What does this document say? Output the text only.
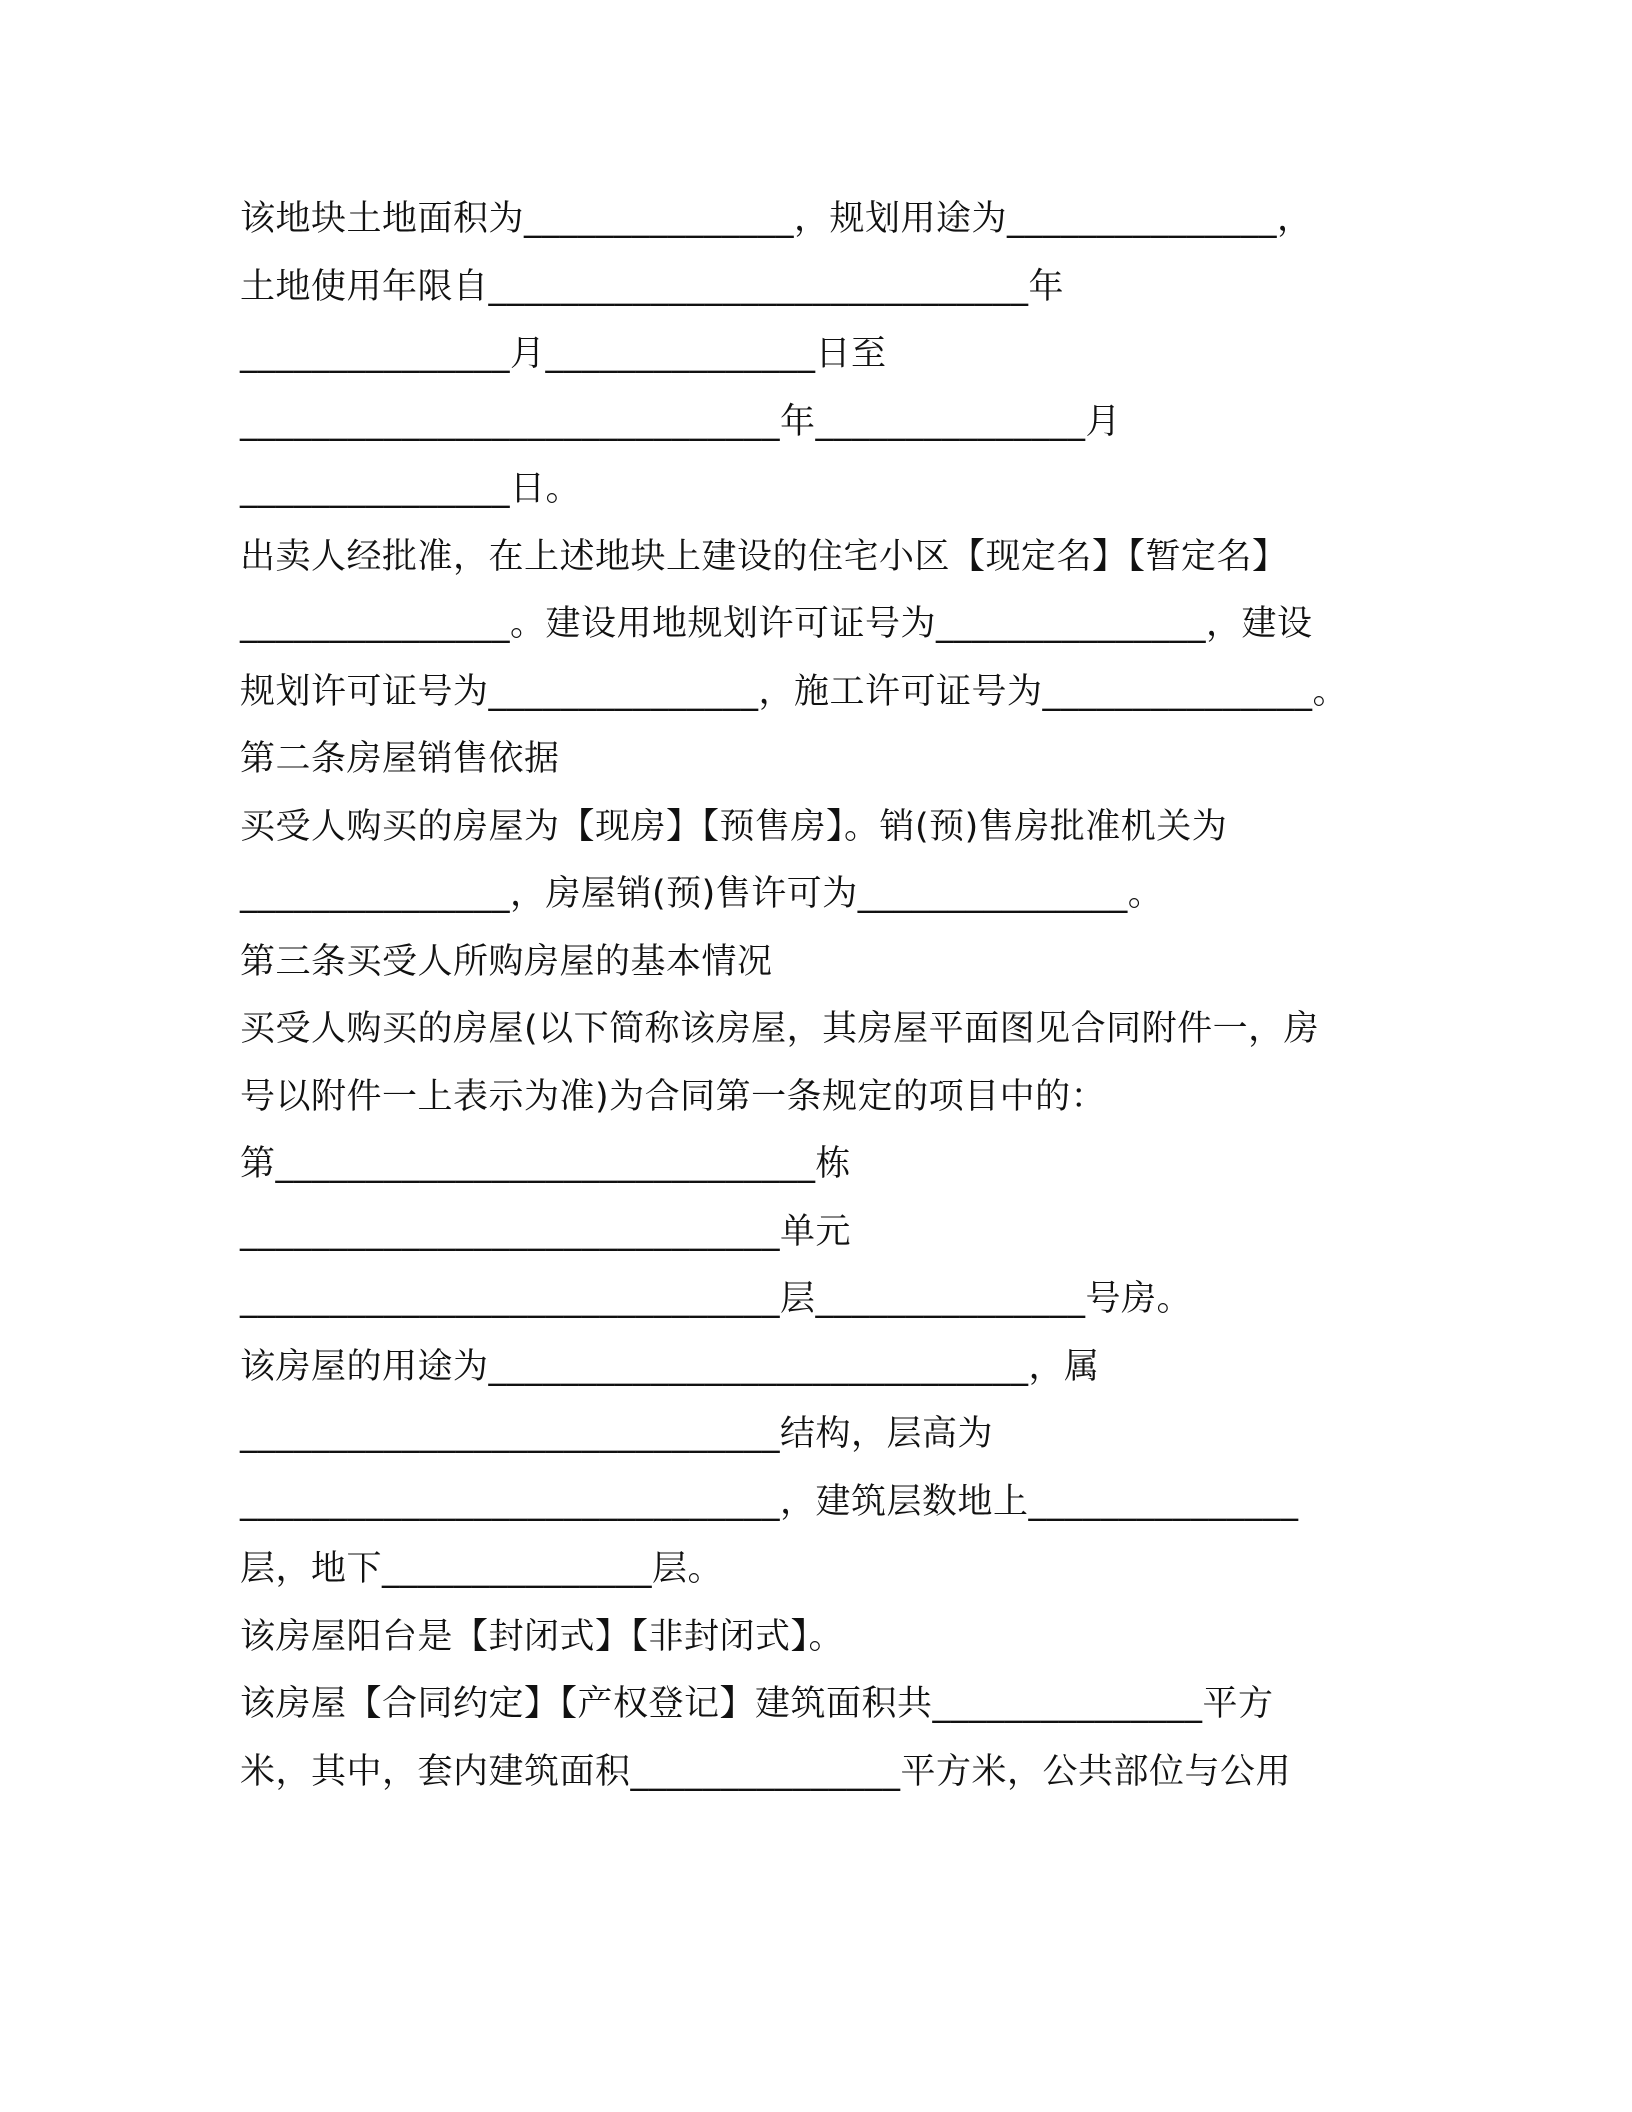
该地块土地面积为_______________，规划用途为_______________，
土地使用年限自______________________________年
_______________月_______________日至
______________________________年_______________月
_______________日。
出卖人经批准，在上述地块上建设的住宅小区【现定名】【暂定名】
_______________。建设用地规划许可证号为_______________，建设
规划许可证号为_______________，施工许可证号为_______________。
第二条房屋销售依据
买受人购买的房屋为【现房】【预售房】。销(预)售房批准机关为
_______________，房屋销(预)售许可为_______________。
第三条买受人所购房屋的基本情况
买受人购买的房屋(以下简称该房屋，其房屋平面图见合同附件一，房
号以附件一上表示为准)为合同第一条规定的项目中的：
第______________________________栋
______________________________单元
______________________________层_______________号房。
该房屋的用途为______________________________，属
______________________________结构，层高为
______________________________，建筑层数地上_______________
层，地下_______________层。
该房屋阳台是【封闭式】【非封闭式】。
该房屋【合同约定】【产权登记】建筑面积共_______________平方
米，其中，套内建筑面积_______________平方米，公共部位与公用
